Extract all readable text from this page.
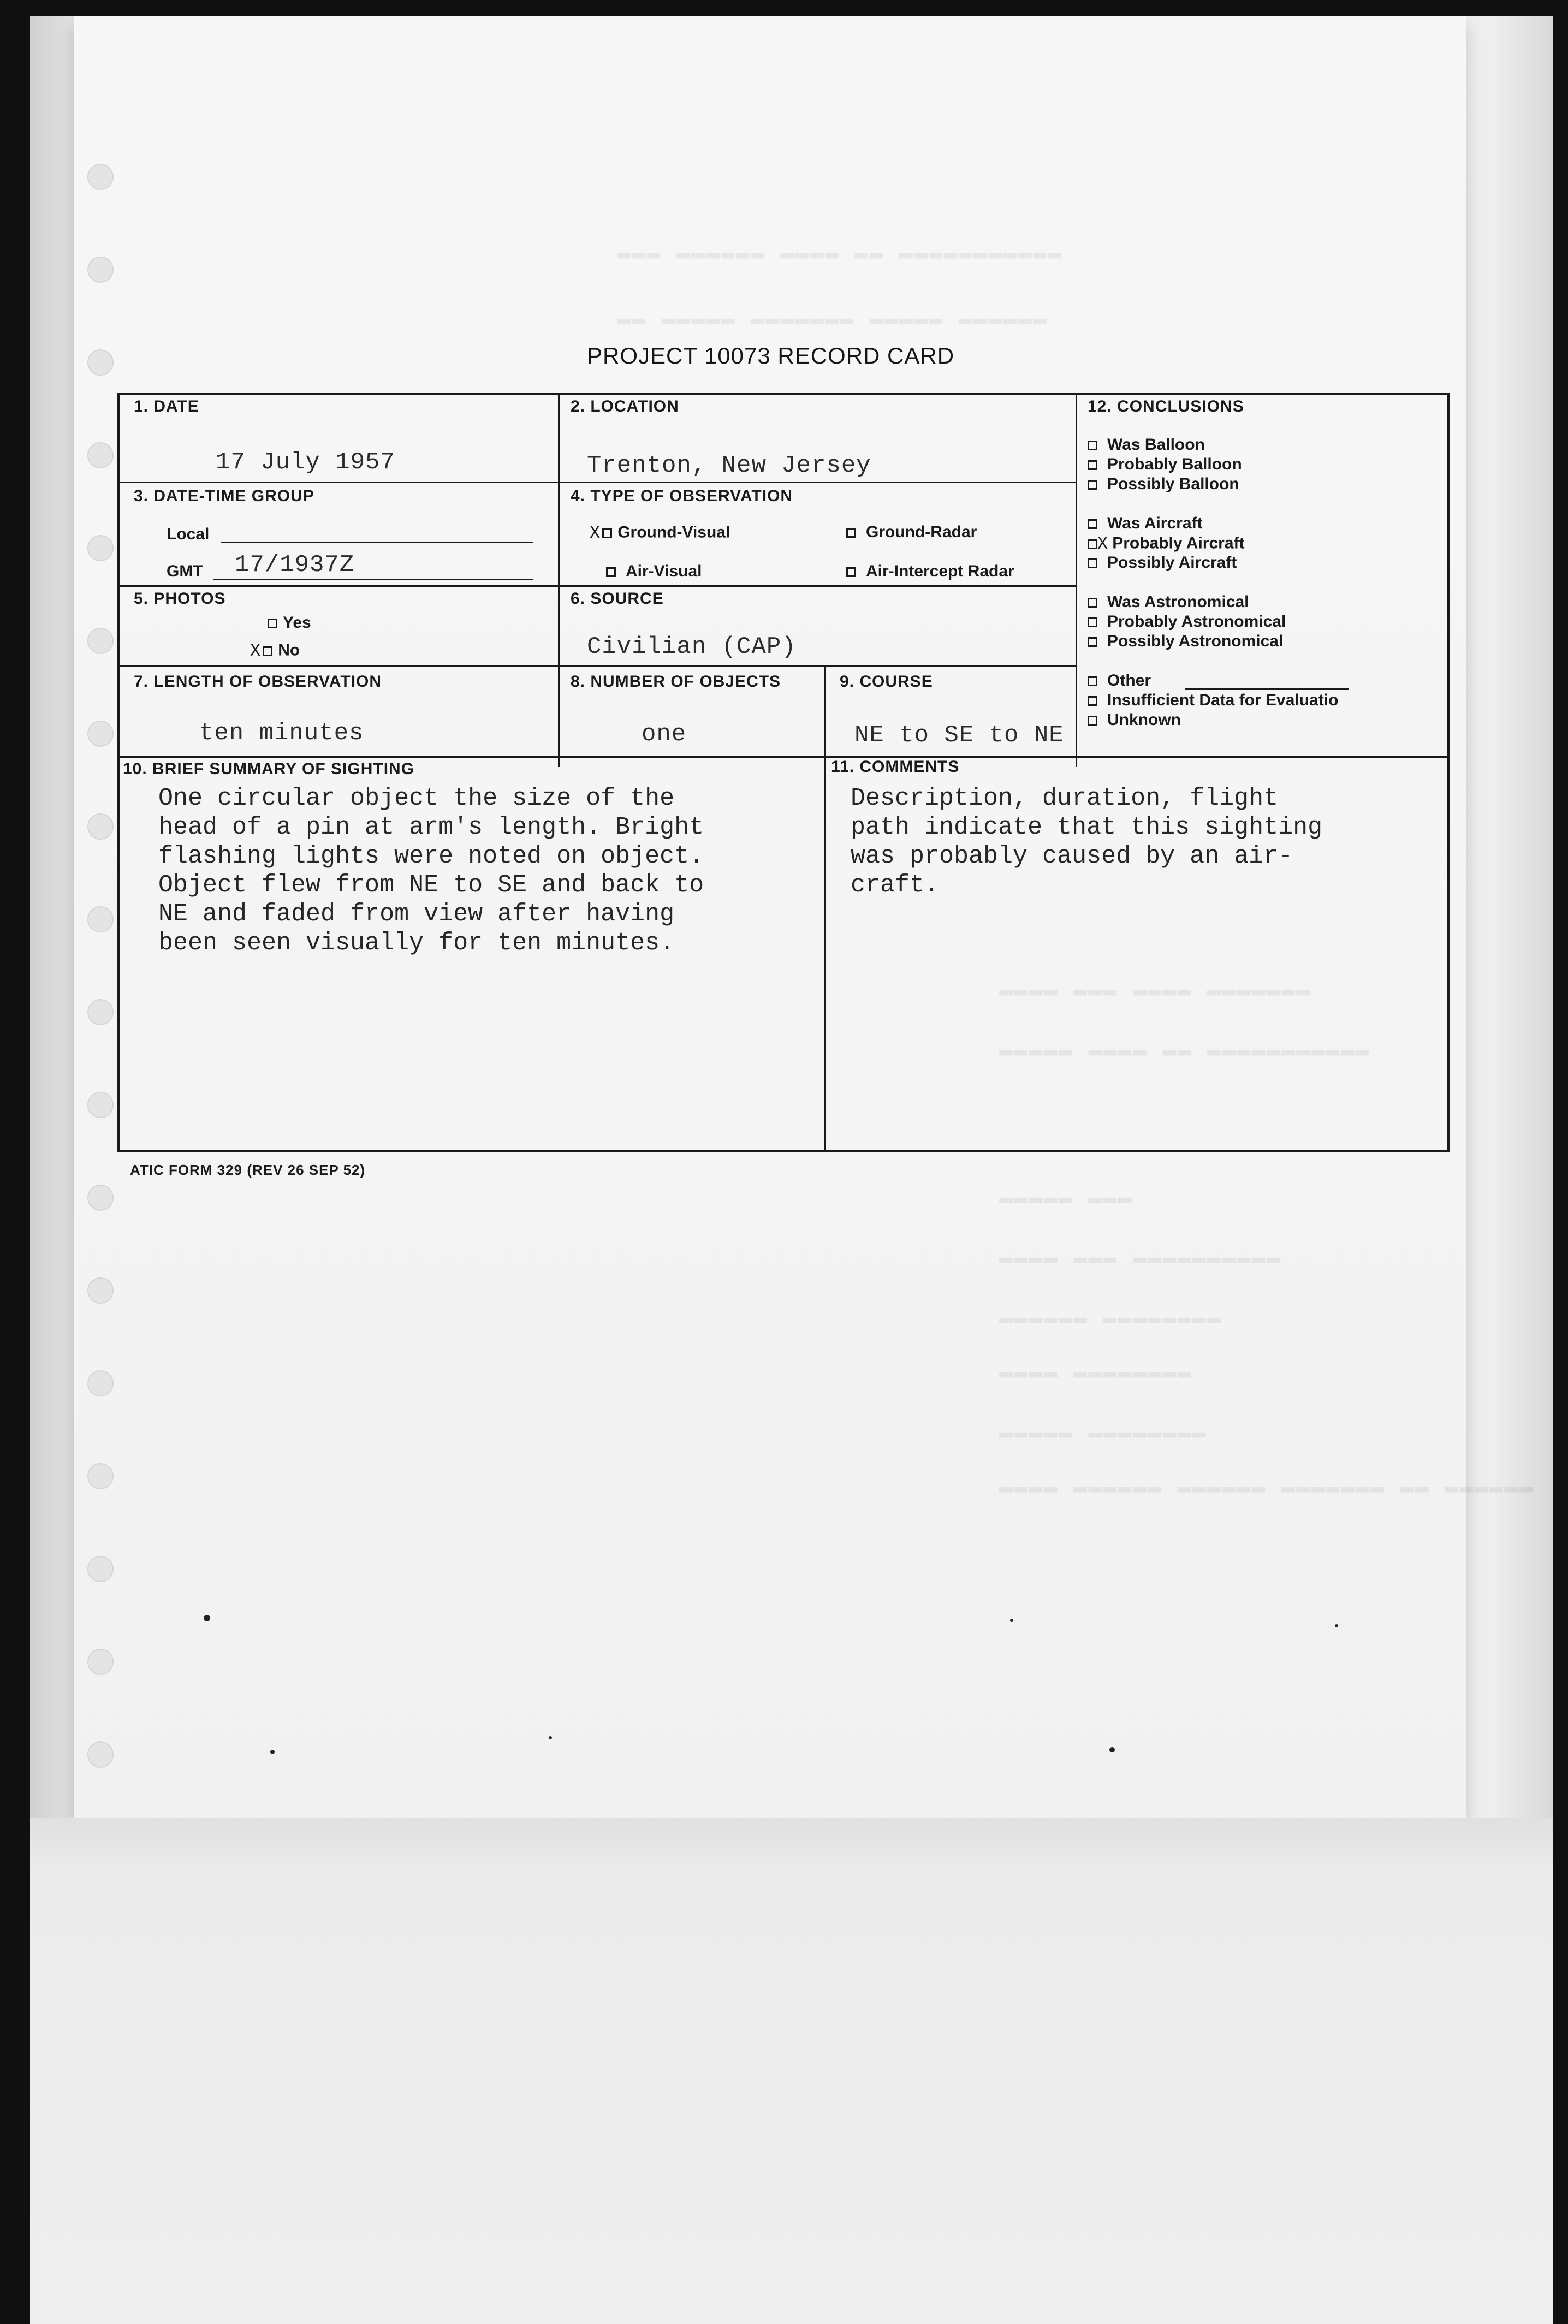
▬▬▬ ▬▬▬▬▬▬ ▬▬▬▬ ▬▬ ▬▬▬▬▬▬▬▬▬▬▬
▬▬ ▬▬▬▬▬ ▬▬▬▬▬▬▬ ▬▬▬▬▬ ▬▬▬▬▬▬
▬▬▬▬ ▬▬▬ ▬▬▬▬ ▬▬▬▬▬▬▬
▬▬▬▬▬ ▬▬▬▬ ▬▬ ▬▬▬▬▬▬▬▬▬▬▬
▬▬▬▬▬ ▬▬▬
▬▬▬▬ ▬▬▬ ▬▬▬▬▬▬▬▬▬▬
▬▬▬▬▬▬ ▬▬▬▬▬▬▬▬
▬▬▬▬ ▬▬▬▬▬▬▬▬
▬▬▬▬▬ ▬▬▬▬▬▬▬▬
▬▬▬▬ ▬▬▬▬▬▬ ▬▬▬▬▬▬ ▬▬▬▬▬▬▬ ▬▬ ▬▬▬▬▬▬
PROJECT 10073 RECORD CARD
1. DATE
17 July 1957
2. LOCATION
Trenton, New Jersey
3. DATE-TIME GROUP
Local
GMT 17/1937Z
4. TYPE OF OBSERVATION
X Ground-Visual	Ground-Radar
Air-Visual	Air-Intercept Radar
5. PHOTOS
Yes
X No
6. SOURCE
Civilian (CAP)
7. LENGTH OF OBSERVATION
ten minutes
8. NUMBER OF OBJECTS
one
9. COURSE
NE to SE to NE
10. BRIEF SUMMARY OF SIGHTING
One circular object the size of the
head of a pin at arm's length. Bright
flashing lights were noted on object.
Object flew from NE to SE and back to
NE and faded from view after having
been seen visually for ten minutes.
11. COMMENTS
Description, duration, flight
path indicate that this sighting
was probably caused by an air-
craft.
12. CONCLUSIONS
Was Balloon
Probably Balloon
Possibly Balloon
Was Aircraft
X Probably Aircraft
Possibly Aircraft
Was Astronomical
Probably Astronomical
Possibly Astronomical
Other
Insufficient Data for Evaluatio
Unknown
ATIC FORM 329 (REV 26 SEP 52)
